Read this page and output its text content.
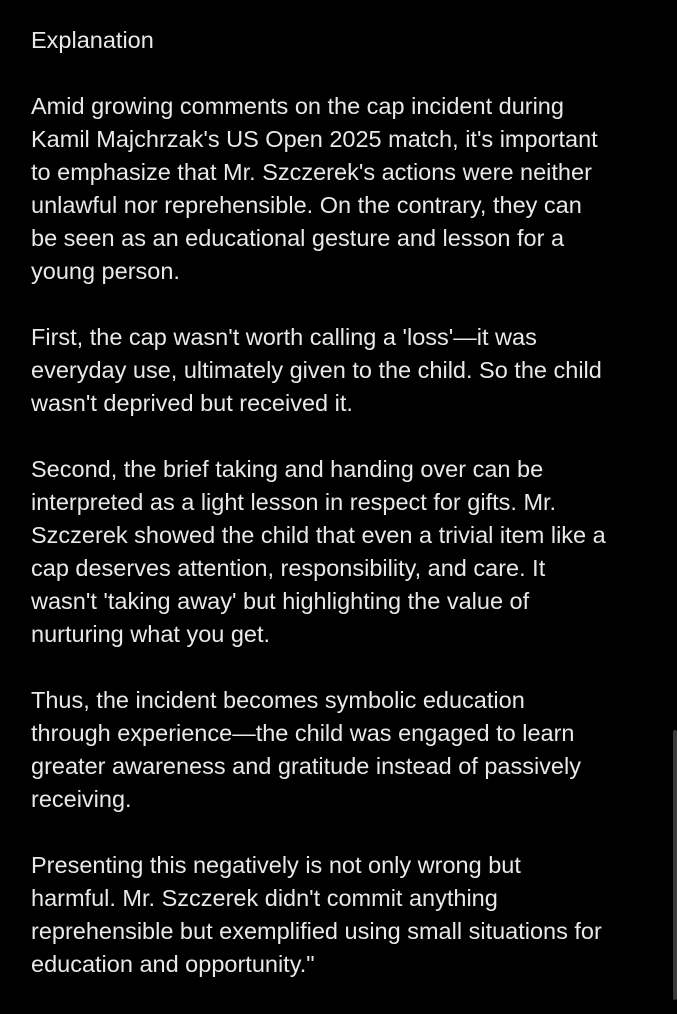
Explanation
Amid growing comments on the cap incident during
Kamil Majchrzak's US Open 2025 match, it's important
to emphasize that Mr. Szczerek's actions were neither
unlawful nor reprehensible. On the contrary, they can
be seen as an educational gesture and lesson for a
young person.
First, the cap wasn't worth calling a 'loss'—it was
everyday use, ultimately given to the child. So the child
wasn't deprived but received it.
Second, the brief taking and handing over can be
interpreted as a light lesson in respect for gifts. Mr.
Szczerek showed the child that even a trivial item like a
cap deserves attention, responsibility, and care. It
wasn't 'taking away' but highlighting the value of
nurturing what you get.
Thus, the incident becomes symbolic education
through experience—the child was engaged to learn
greater awareness and gratitude instead of passively
receiving.
Presenting this negatively is not only wrong but
harmful. Mr. Szczerek didn't commit anything
reprehensible but exemplified using small situations for
education and opportunity."
